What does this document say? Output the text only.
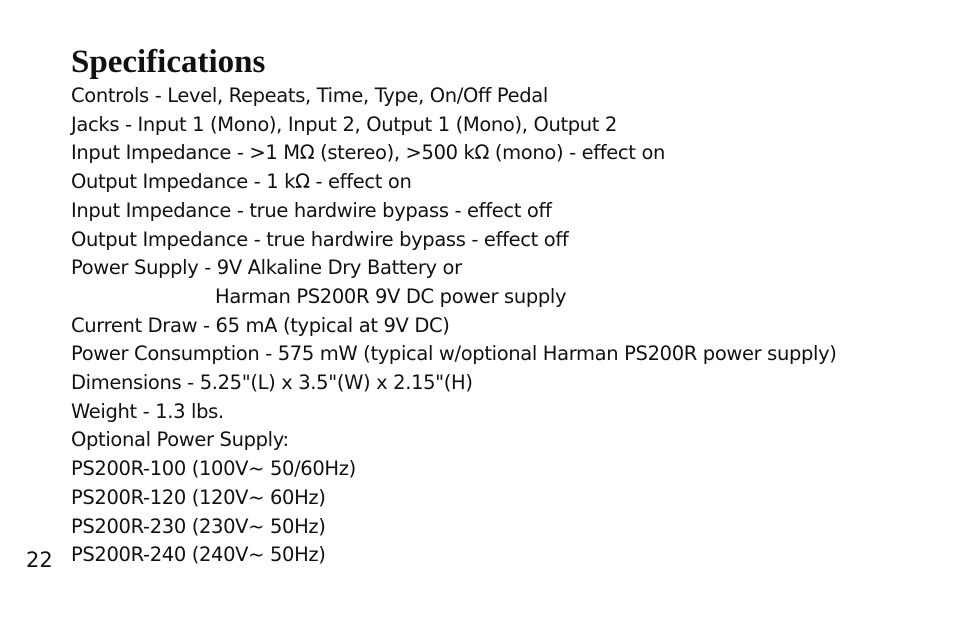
Specifications
Controls - Level, Repeats, Time, Type, On/Off Pedal
Jacks - Input 1 (Mono), Input 2, Output 1 (Mono), Output 2
Input Impedance - >1 MΩ (stereo), >500 kΩ (mono) - effect on
Output Impedance - 1 kΩ - effect on
Input Impedance - true hardwire bypass - effect off
Output Impedance - true hardwire bypass - effect off
Power Supply - 9V Alkaline Dry Battery or
Harman PS200R 9V DC power supply
Current Draw - 65 mA (typical at 9V DC)
Power Consumption - 575 mW (typical w/optional Harman PS200R power supply)
Dimensions - 5.25"(L) x 3.5"(W) x 2.15"(H)
Weight - 1.3 lbs.
Optional Power Supply:
PS200R-100 (100V~ 50/60Hz)
PS200R-120 (120V~ 60Hz)
PS200R-230 (230V~ 50Hz)
PS200R-240 (240V~ 50Hz)
22
